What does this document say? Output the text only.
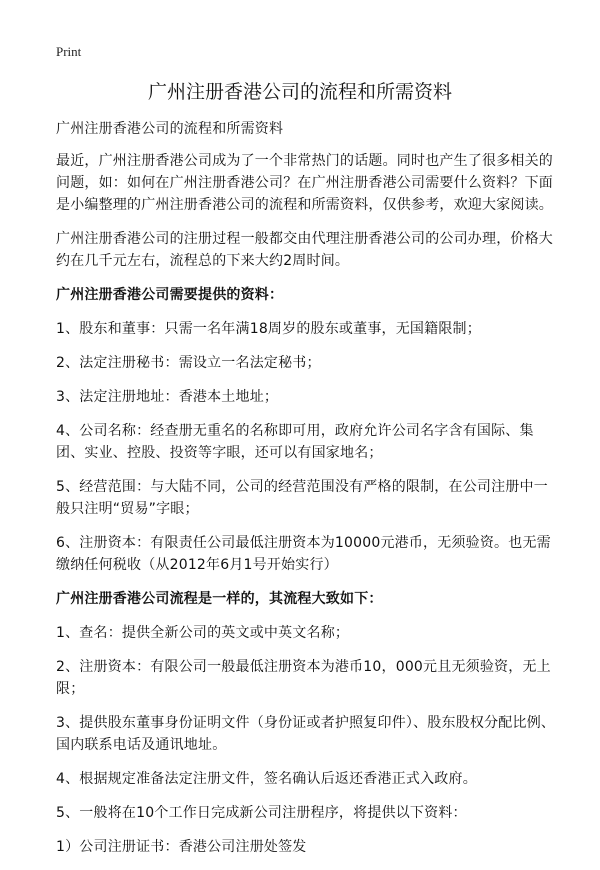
Print
广州注册香港公司的流程和所需资料

广州注册香港公司的流程和所需资料

最近，广州注册香港公司成为了一个非常热门的话题。同时也产生了很多相关的问题，如：如何在广州注册香港公司？在广州注册香港公司需要什么资料？下面是小编整理的广州注册香港公司的流程和所需资料，仅供参考，欢迎大家阅读。

广州注册香港公司的注册过程一般都交由代理注册香港公司的公司办理，价格大约在几千元左右，流程总的下来大约2周时间。

广州注册香港公司需要提供的资料：

1、股东和董事：只需一名年满18周岁的股东或董事，无国籍限制；

2、法定注册秘书：需设立一名法定秘书；

3、法定注册地址：香港本土地址；

4、公司名称：经查册无重名的名称即可用，政府允许公司名字含有国际、集团、实业、控股、投资等字眼，还可以有国家地名；

5、经营范围：与大陆不同，公司的经营范围没有严格的限制，在公司注册中一般只注明“贸易”字眼；

6、注册资本：有限责任公司最低注册资本为10000元港币，无须验资。也无需缴纳任何税收（从2012年6月1号开始实行）

广州注册香港公司流程是一样的，其流程大致如下：

1、查名：提供全新公司的英文或中英文名称；

2、注册资本：有限公司一般最低注册资本为港币10，000元且无须验资，无上限；

3、提供股东董事身份证明文件（身份证或者护照复印件）、股东股权分配比例、国内联系电话及通讯地址。

4、根据规定准备法定注册文件，签名确认后返还香港正式入政府。

5、一般将在10个工作日完成新公司注册程序，将提供以下资料：

1）公司注册证书：香港公司注册处签发
